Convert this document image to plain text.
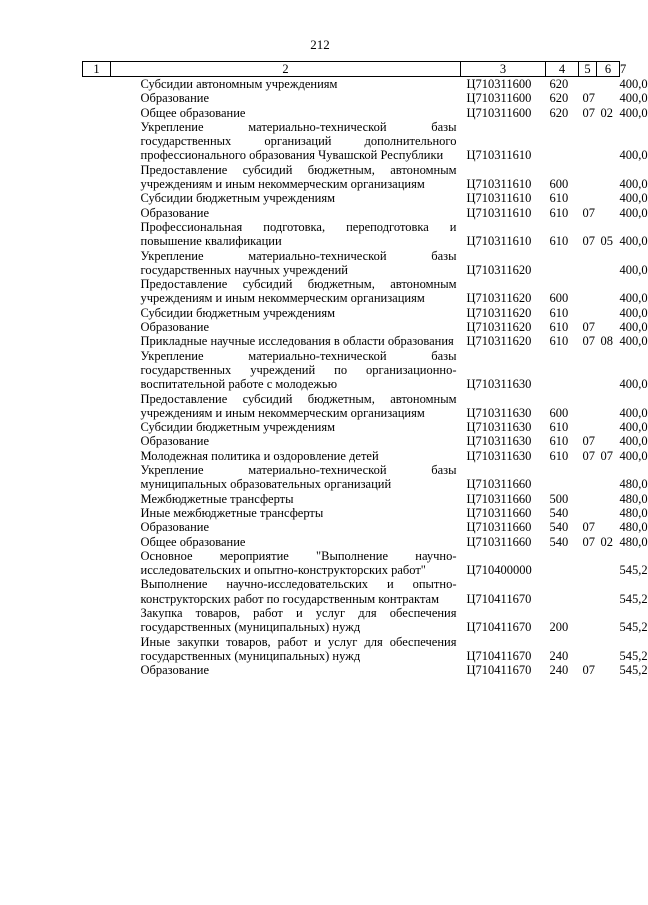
212
1	2	3	4	5	6	7
	Субсидии автономным учреждениям	Ц710311600	620			400,0
	Образование	Ц710311600	620	07		400,0
	Общее образование	Ц710311600	620	07	02	400,0
	Укрепление материально-технической базы государственных организаций дополнительного профессионального образования Чувашской Республики	Ц710311610				400,0
	Предоставление субсидий бюджетным, автономным учреждениям и иным некоммерческим организациям	Ц710311610	600			400,0
	Субсидии бюджетным учреждениям	Ц710311610	610			400,0
	Образование	Ц710311610	610	07		400,0
	Профессиональная подготовка, переподготовка и повышение квалификации	Ц710311610	610	07	05	400,0
	Укрепление материально-технической базы государственных научных учреждений	Ц710311620				400,0
	Предоставление субсидий бюджетным, автономным учреждениям и иным некоммерческим организациям	Ц710311620	600			400,0
	Субсидии бюджетным учреждениям	Ц710311620	610			400,0
	Образование	Ц710311620	610	07		400,0
	Прикладные научные исследования в области образования	Ц710311620	610	07	08	400,0
	Укрепление материально-технической базы государственных учреждений по организационно-воспитательной работе с молодежью	Ц710311630				400,0
	Предоставление субсидий бюджетным, автономным учреждениям и иным некоммерческим организациям	Ц710311630	600			400,0
	Субсидии бюджетным учреждениям	Ц710311630	610			400,0
	Образование	Ц710311630	610	07		400,0
	Молодежная политика и оздоровление детей	Ц710311630	610	07	07	400,0
	Укрепление материально-технической базы муниципальных образовательных организаций	Ц710311660				480,0
	Межбюджетные трансферты	Ц710311660	500			480,0
	Иные межбюджетные трансферты	Ц710311660	540			480,0
	Образование	Ц710311660	540	07		480,0
	Общее образование	Ц710311660	540	07	02	480,0
	Основное мероприятие "Выполнение научно-исследовательских и опытно-конструкторских работ"	Ц710400000				545,2
	Выполнение научно-исследовательских и опытно-конструкторских работ по государственным контрактам	Ц710411670				545,2
	Закупка товаров, работ и услуг для обеспечения государственных (муниципальных) нужд	Ц710411670	200			545,2
	Иные закупки товаров, работ и услуг для обеспечения государственных (муниципальных) нужд	Ц710411670	240			545,2
	Образование	Ц710411670	240	07		545,2
